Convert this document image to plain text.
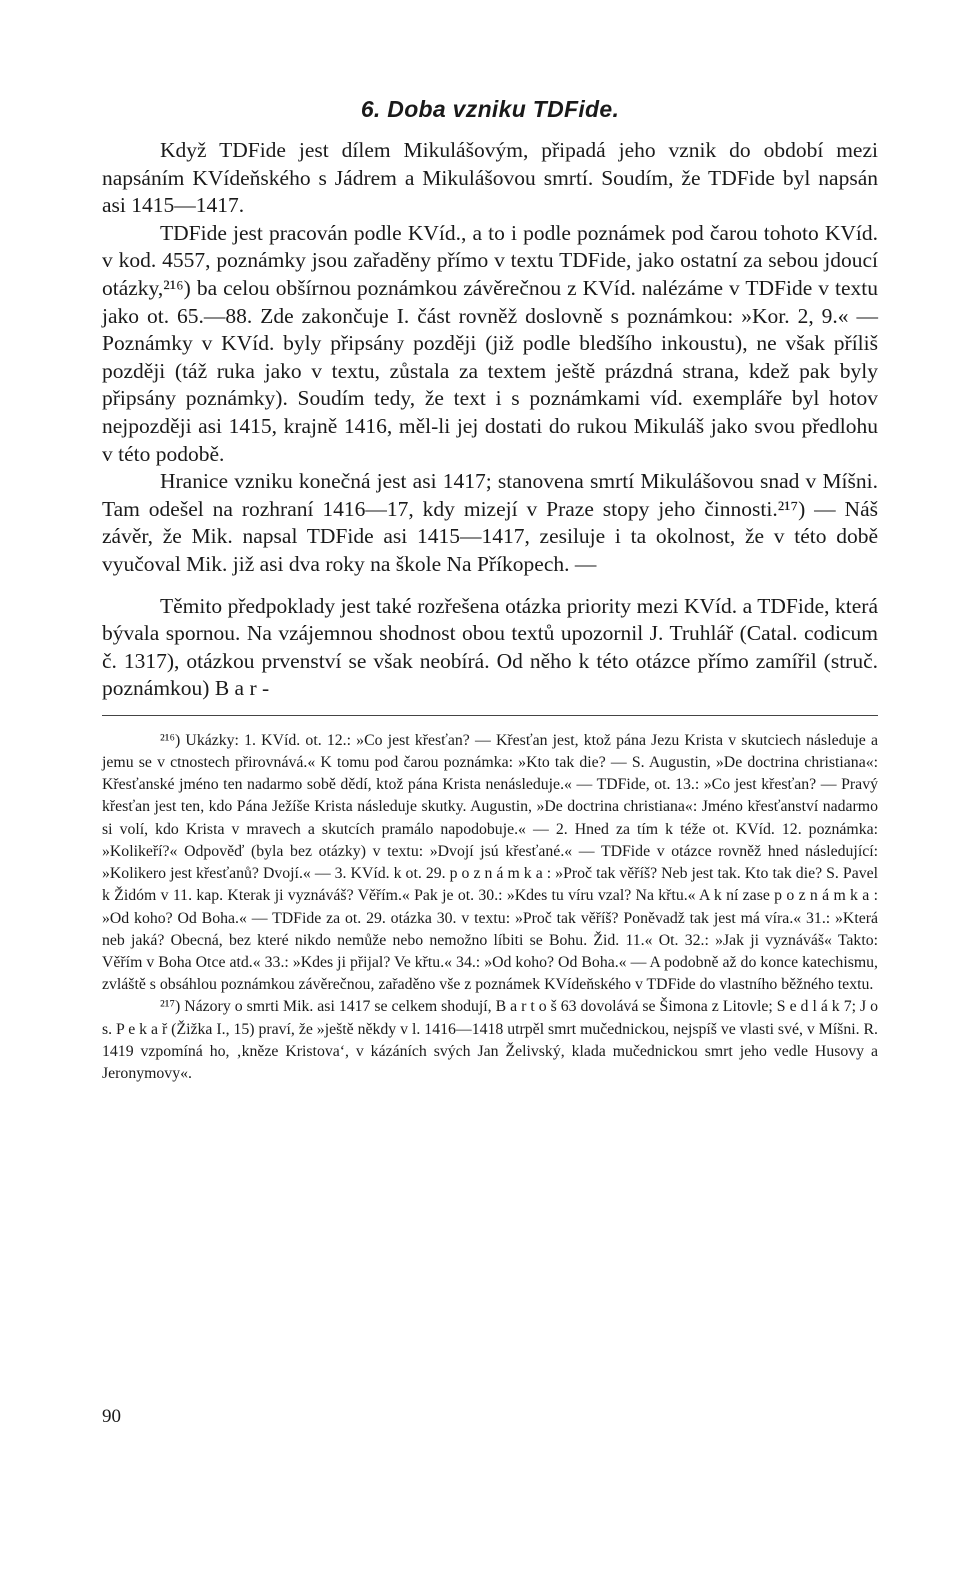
6. Doba vzniku TDFide.

Když TDFide jest dílem Mikulášovým, připadá jeho vznik do období mezi napsáním KVídeňského s Jádrem a Mikulášovou smrtí. Soudím, že TDFide byl napsán asi 1415—1417.

TDFide jest pracován podle KVíd., a to i podle poznámek pod čarou tohoto KVíd. v kod. 4557, poznámky jsou zařaděny přímo v textu TDFide, jako ostatní za sebou jdoucí otázky,²¹⁶) ba celou obšírnou poznámkou závěrečnou z KVíd. nalézáme v TDFide v textu jako ot. 65.—88. Zde zakončuje I. část rovněž doslovně s poznámkou: »Kor. 2, 9.« — Poznámky v KVíd. byly připsány později (již podle bledšího inkoustu), ne však příliš později (táž ruka jako v textu, zůstala za textem ještě prázdná strana, kdež pak byly připsány poznámky). Soudím tedy, že text i s poznámkami víd. exempláře byl hotov nejpozději asi 1415, krajně 1416, měl-li jej dostati do rukou Mikuláš jako svou předlohu v této podobě.

Hranice vzniku konečná jest asi 1417; stanovena smrtí Mikulášovou snad v Míšni. Tam odešel na rozhraní 1416—17, kdy mizejí v Praze stopy jeho činnosti.²¹⁷) — Náš závěr, že Mik. napsal TDFide asi 1415—1417, zesiluje i ta okolnost, že v této době vyučoval Mik. již asi dva roky na škole Na Příkopech. —

Těmito předpoklady jest také rozřešena otázka priority mezi KVíd. a TDFide, která bývala spornou. Na vzájemnou shodnost obou textů upozornil J. Truhlář (Catal. codicum č. 1317), otázkou prvenství se však neobírá. Od něho k této otázce přímo zamířil (struč. poznámkou) B a r -

²¹⁶) Ukázky: 1. KVíd. ot. 12.: »Co jest křesťan? — Křesťan jest, ktož pána Jezu Krista v skutciech následuje a jemu se v ctnostech přirovnává.« K tomu pod čarou poznámka: »Kto tak die? — S. Augustin, »De doctrina christiana«: Křesťanské jméno ten nadarmo sobě dědí, ktož pána Krista nenásleduje.« — TDFide, ot. 13.: »Co jest křesťan? — Pravý křesťan jest ten, kdo Pána Ježíše Krista následuje skutky. Augustin, »De doctrina christiana«: Jméno křesťanství nadarmo si volí, kdo Krista v mravech a skutcích pramálo napodobuje.« — 2. Hned za tím k téže ot. KVíd. 12. poznámka: »Kolikeří?« Odpověď (byla bez otázky) v textu: »Dvojí jsú křesťané.« — TDFide v otázce rovněž hned následující: »Kolikero jest křesťanů? Dvojí.« — 3. KVíd. k ot. 29. p o z n á m k a : »Proč tak věříš? Neb jest tak. Kto tak die? S. Pavel k Židóm v 11. kap. Kterak ji vyznáváš? Věřím.« Pak je ot. 30.: »Kdes tu víru vzal? Na křtu.« A k ní zase p o z n á m k a : »Od koho? Od Boha.« — TDFide za ot. 29. otázka 30. v textu: »Proč tak věříš? Poněvadž tak jest má víra.« 31.: »Která neb jaká? Obecná, bez které nikdo nemůže nebo nemožno líbiti se Bohu. Žid. 11.« Ot. 32.: »Jak ji vyznáváš« Takto: Věřím v Boha Otce atd.« 33.: »Kdes ji přijal? Ve křtu.« 34.: »Od koho? Od Boha.« — A podobně až do konce katechismu, zvláště s obsáhlou poznámkou závěrečnou, zařaděno vše z poznámek KVídeňského v TDFide do vlastního běžného textu.

²¹⁷) Názory o smrti Mik. asi 1417 se celkem shodují, B a r t o š 63 dovolává se Šimona z Litovle; S e d l á k 7; J o s. P e k a ř (Žižka I., 15) praví, že »ještě někdy v l. 1416—1418 utrpěl smrt mučednickou, nejspíš ve vlasti své, v Míšni. R. 1419 vzpomíná ho, ‚kněze Kristova‘, v kázáních svých Jan Želivský, klada mučednickou smrt jeho vedle Husovy a Jeronymovy«.

90
